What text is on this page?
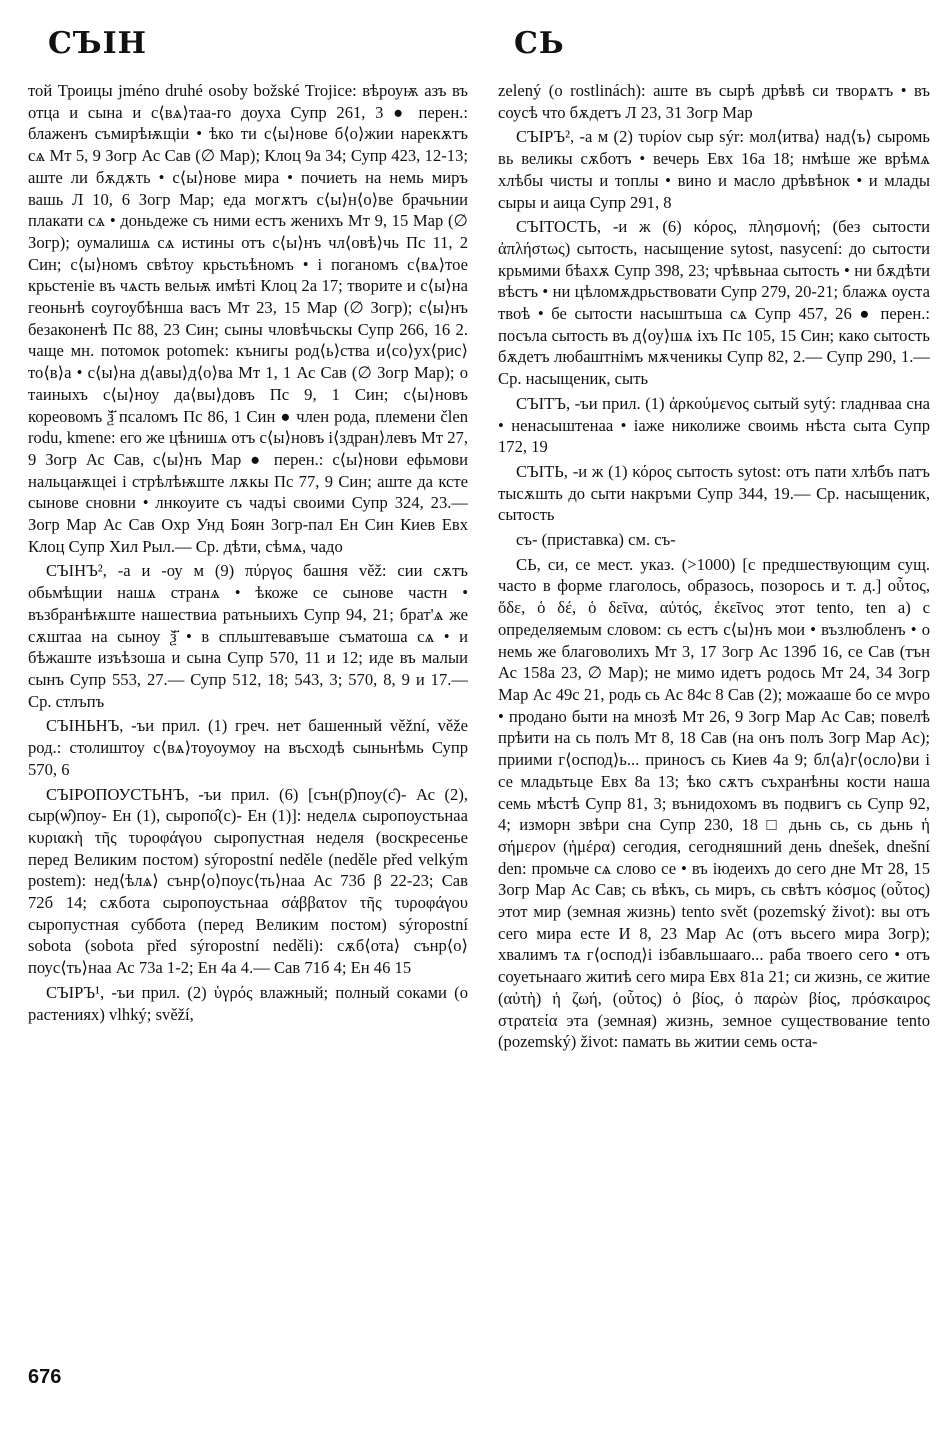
СЪIН	СЬ

той Троицы jméno druhé osoby božské Trojice: вѣроуѭ азъ въ отца и сына и с⟨вѧ⟩таа-го доуха Супр 261, 3 ● перен.: блаженъ съмирѣѭщіи • ѣко ти с⟨ы⟩нове б⟨о⟩жии нарекѫтъ сѧ Мт 5, 9 Зогр Ас Сав (∅ Мар); Клоц 9а 34; Супр 423, 12-13; аште ли бѫдѫть • с⟨ы⟩нове мира • почиеть на немь миръ вашь Л 10, 6 Зогр Мар; еда могѫтъ с⟨ы⟩н⟨о⟩ве брачьнии плакати сѧ • доньдеже съ ними естъ женихъ Мт 9, 15 Мар (∅ Зогр); оумалишѧ сѧ истины отъ с⟨ы⟩нъ чл⟨овѣ⟩чь Пс 11, 2 Син; с⟨ы⟩номъ свѣтоу крьстьѣномъ • і поганомъ с⟨вѧ⟩тое крьстеніе въ чѧсть вельѭ имѣті Клоц 2а 17; творите и с⟨ы⟩на геоньнѣ соугоубѣнша васъ Мт 23, 15 Мар (∅ Зогр); с⟨ы⟩нъ безаконенѣ Пс 88, 23 Син; сыны чловѣчьскы Супр 266, 16 2. чаще мн. потомок potomek: кънигы род⟨ь⟩ства и⟨со⟩ух⟨рис⟩то⟨в⟩а • с⟨ы⟩на д⟨авы⟩д⟨о⟩ва Мт 1, 1 Ас Сав (∅ Зогр Мар); о таиныхъ с⟨ы⟩ноу да⟨вы⟩довъ Пс 9, 1 Син; с⟨ы⟩новъ кореовомъ ѯ҃ псаломъ Пс 86, 1 Син ● член рода, племени člen rodu, kmene: его же цѣнишѧ отъ с⟨ы⟩новъ і⟨здран⟩левъ Мт 27, 9 Зогр Ас Сав, с⟨ы⟩нъ Мар ● перен.: с⟨ы⟩нови ефьмови нальцаѭщеі і стрѣлѣѭште лѫкы Пс 77, 9 Син; аште да ксте сынове сновни • лнкоуите съ чадъі своими Супр 324, 23.— Зогр Мар Ас Сав Охр Унд Боян Зогр-пал Ен Син Киев Евх Клоц Супр Хил Рыл.— Ср. дѣти, сѣмѧ, чадо

СЪIНЪ², -а и -оу м (9) πύργος башня věž: сии сѫтъ обьмѣщии нашѧ странѧ • ѣкоже се сынове частн • възбранѣѭште нашествиа ратьныихъ Супр 94, 21; брат'ѧ же сѫштаа на сыноу ѯ҃ • в спльштевавъше съматоша сѧ • и бѣжаште изъѣзоша и сына Супр 570, 11 и 12; иде въ малыи сынъ Супр 553, 27.— Супр 512, 18; 543, 3; 570, 8, 9 и 17.— Ср. стлъпъ

СЪIНЬНЪ, -ъи прил. (1) греч. нет башенный věžní, věže род.: столиштоу с⟨вѧ⟩тоуоумоу на въсходѣ сыньнѣмь Супр 570, 6

СЪIРОПОУСТЬНЪ, -ъи прил. (6) [сън(р̑)поу(с̑)- Ас (2), сыр(ѡ̑)поу- Ен (1), сыропо̂(с)- Ен (1)]: неделѧ сыропоустьнаа κυριακὴ τῆς τυροφάγου сыропустная неделя (воскресенье перед Великим постом) sýropostní neděle (neděle před velkým postem): нед⟨ѣлѧ⟩ сънр⟨о⟩поус⟨ть⟩наа Ас 73б β 22-23; Сав 72б 14; сѫбота сыропоустьнаа σάββατον τῆς τυροφάγου сыропустная суббота (перед Великим постом) sýropostní sobota (sobota před sýropostní neděli): сѫб⟨ота⟩ сънр⟨о⟩поус⟨ть⟩наа Ас 73а 1-2; Ен 4а 4.— Сав 71б 4; Ен 46 15

СЪIРЪ¹, -ъи прил. (2) ὑγρός влажный; полный соками (о растениях) vlhký; svěží,

zelený (o rostlinách): аште въ сырѣ дрѣвѣ си творѧтъ • въ соусѣ что бѫдетъ Л 23, 31 Зогр Мар

СЪIРЪ², -а м (2) τυρίον сыр sýr: мол⟨итва⟩ над⟨ъ⟩ сыромь вь великы сѫботъ • вечерь Евх 16а 18; нмѣше же врѣмѧ хлѣбы чисты и топлы • вино и масло дрѣвѣнок • и млады сыры и аица Супр 291, 8

СЪIТОСТЬ, -и ж (6) κόρος, πλησμονή; (без сытости ἀπλήστως) сытость, насыщение sytost, nasycení: до сытости крьмими бѣахѫ Супр 398, 23; чрѣвьнаа сытость • ни бѫдѣти вѣстъ • ни цѣломѫдрьствовати Супр 279, 20-21; блажѧ оуста твоѣ • бе сытости насыштьша сѧ Супр 457, 26 ● перен.: посъла сытость въ д⟨оу⟩шѧ іхъ Пс 105, 15 Син; како сытость бѫдетъ любаштнімъ мѫченикы Супр 82, 2.— Супр 290, 1.— Ср. насыщеник, сыть

СЪIТЪ, -ъи прил. (1) ἀρκούμενος сытый sytý: гладнваа сна • ненасыштенаа • іаже николиже своимь нѣста сыта Супр 172, 19

СЪIТЬ, -и ж (1) κόρος сытость sytost: отъ пати хлѣбъ патъ тысѫшть до сыти накръми Супр 344, 19.— Ср. насыщеник, сытость

съ- (приставка) см. съ-

СЬ, си, се мест. указ. (>1000) [с предшествующим сущ. часто в форме глаголось, образось, позорось и т. д.] οὗτος, ὅδε, ὁ δέ, ὁ δεῖνα, αὐτός, ἐκεῖνος этот tento, ten а) с определяемым словом: сь естъ с⟨ы⟩нъ мои • възлюбленъ • о немь же благоволихъ Мт 3, 17 Зогр Ас 139б 16, се Сав (тън Ас 158а 23, ∅ Мар); не мимо идетъ родось Мт 24, 34 Зогр Мар Ас 49с 21, родь сь Ас 84с 8 Сав (2); можааше бо се мνро • продано быти на мнозѣ Мт 26, 9 Зогр Мар Ас Сав; повелѣ прѣити на сь полъ Мт 8, 18 Сав (на онъ полъ Зогр Мар Ас); приими г⟨оспод⟩ь... приносъ сь Киев 4а 9; бл⟨а⟩г⟨осло⟩ви і се младьтьце Евх 8а 13; ѣко сѫтъ съхранѣны кости наша семь мѣстѣ Супр 81, 3; вънидохомъ въ подвигъ сь Супр 92, 4; изморн звѣри сна Супр 230, 18 □ дьнь сь, сь дьнь ἡ σήμερον (ἡμέρα) сегодия, сегодняшний день dnešek, dnešní den: промьче сѧ слово се • въ іюдеихъ до сего дне Мт 28, 15 Зогр Мар Ас Сав; сь вѣкъ, сь миръ, сь свѣтъ κόσμος (οὗτος) этот мир (земная жизнь) tento svět (pozemský život): вы отъ сего мира есте И 8, 23 Мар Ас (отъ вьсего мира Зогр); хвалимъ тѧ г⟨оспод⟩і ізбавльшааго... раба твоего сего • отъ соуетьнааго житиѣ сего мира Евх 81а 21; си жизнь, се житие (αὐτὴ) ἡ ζωή, (οὗτος) ὁ βίος, ὁ παρὼν βίος, πρόσκαιρος στρατεία эта (земная) жизнь, земное существование tento (pozemský) život: памать вь житии семь оста-

676
